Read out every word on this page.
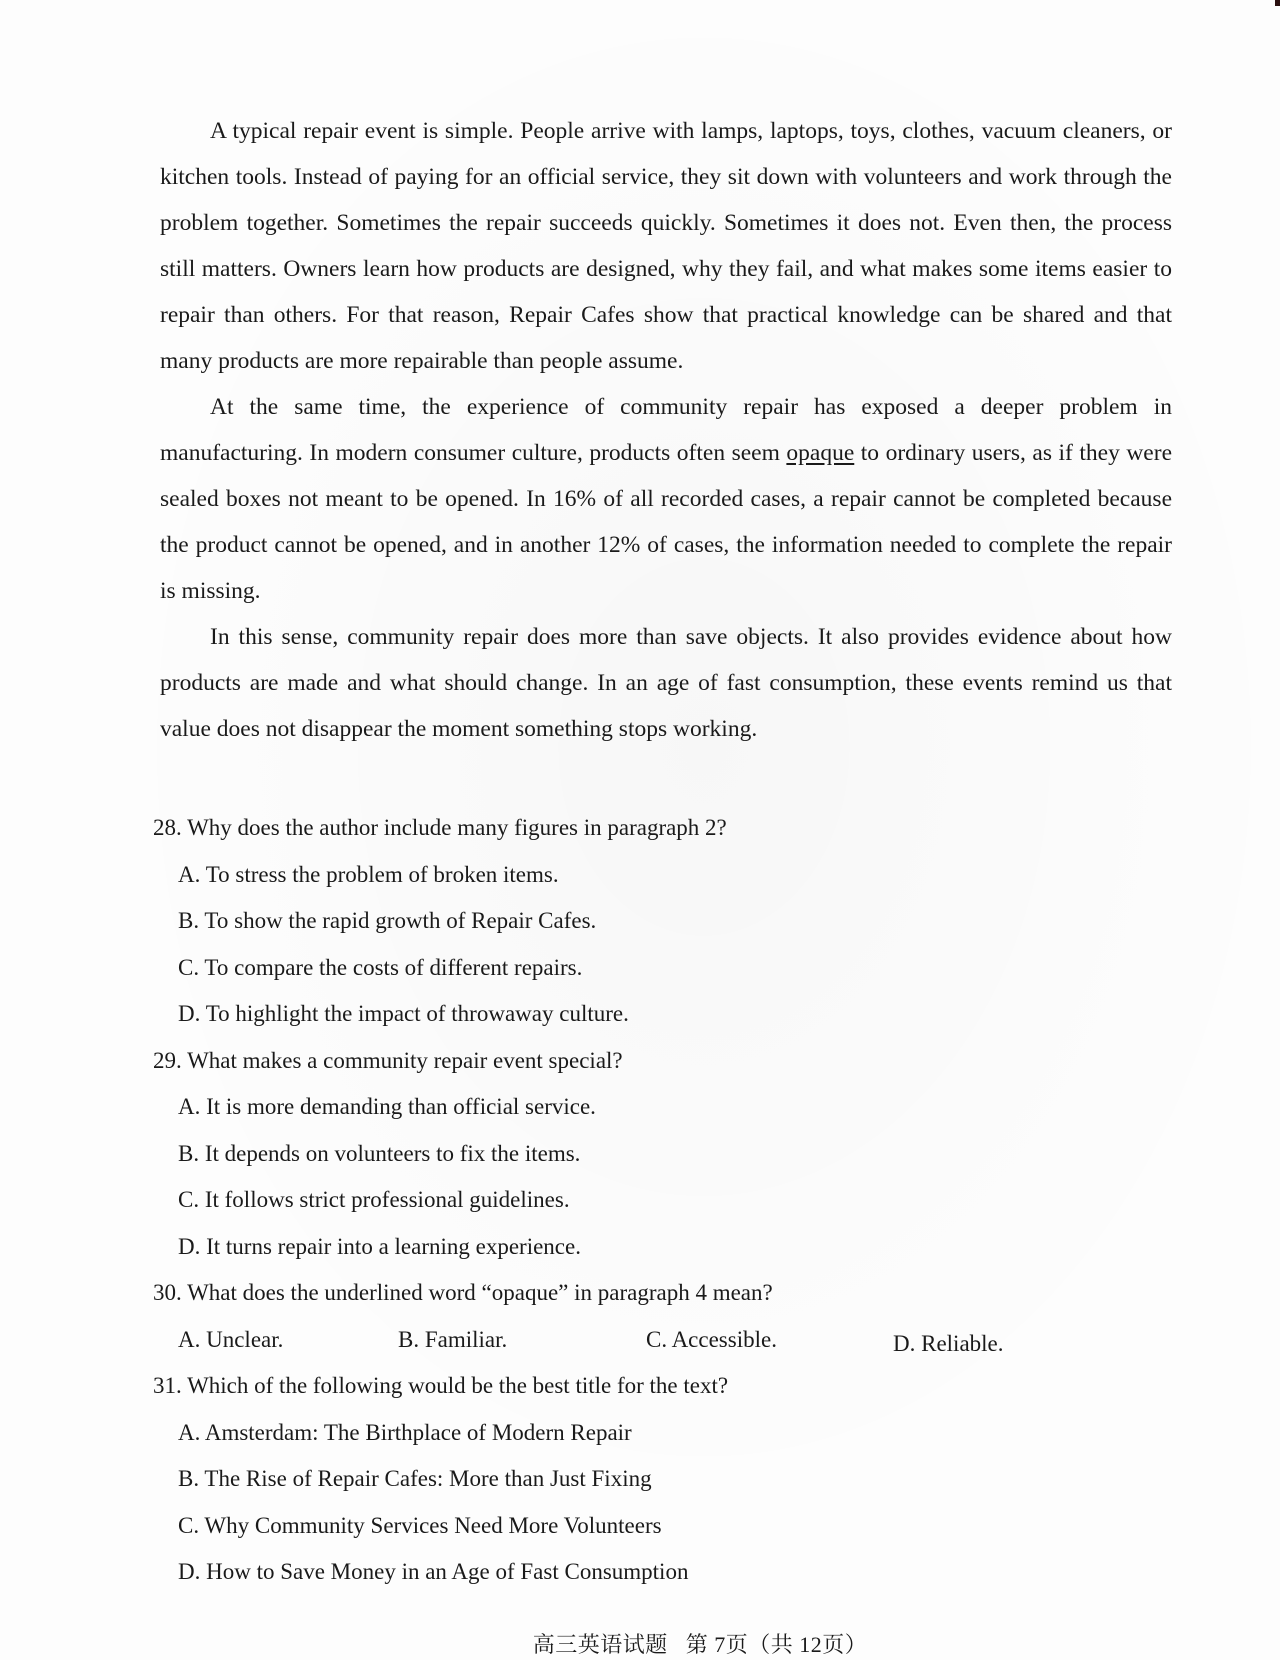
A typical repair event is simple. People arrive with lamps, laptops, toys, clothes, vacuum cleaners, or kitchen tools. Instead of paying for an official service, they sit down with volunteers and work through the problem together. Sometimes the repair succeeds quickly. Sometimes it does not. Even then, the process still matters. Owners learn how products are designed, why they fail, and what makes some items easier to repair than others. For that reason, Repair Cafes show that practical knowledge can be shared and that many products are more repairable than people assume.

At the same time, the experience of community repair has exposed a deeper problem in manufacturing. In modern consumer culture, products often seem opaque to ordinary users, as if they were sealed boxes not meant to be opened. In 16% of all recorded cases, a repair cannot be completed because the product cannot be opened, and in another 12% of cases, the information needed to complete the repair is missing.

In this sense, community repair does more than save objects. It also provides evidence about how products are made and what should change. In an age of fast consumption, these events remind us that value does not disappear the moment something stops working.

28. Why does the author include many figures in paragraph 2?
A. To stress the problem of broken items.
B. To show the rapid growth of Repair Cafes.
C. To compare the costs of different repairs.
D. To highlight the impact of throwaway culture.
29. What makes a community repair event special?
A. It is more demanding than official service.
B. It depends on volunteers to fix the items.
C. It follows strict professional guidelines.
D. It turns repair into a learning experience.
30. What does the underlined word “opaque” in paragraph 4 mean?
A. Unclear.	B. Familiar.	C. Accessible.	D. Reliable.
31. Which of the following would be the best title for the text?
A. Amsterdam: The Birthplace of Modern Repair
B. The Rise of Repair Cafes: More than Just Fixing
C. Why Community Services Need More Volunteers
D. How to Save Money in an Age of Fast Consumption
高三英语试题 第 7页（共 12页）
